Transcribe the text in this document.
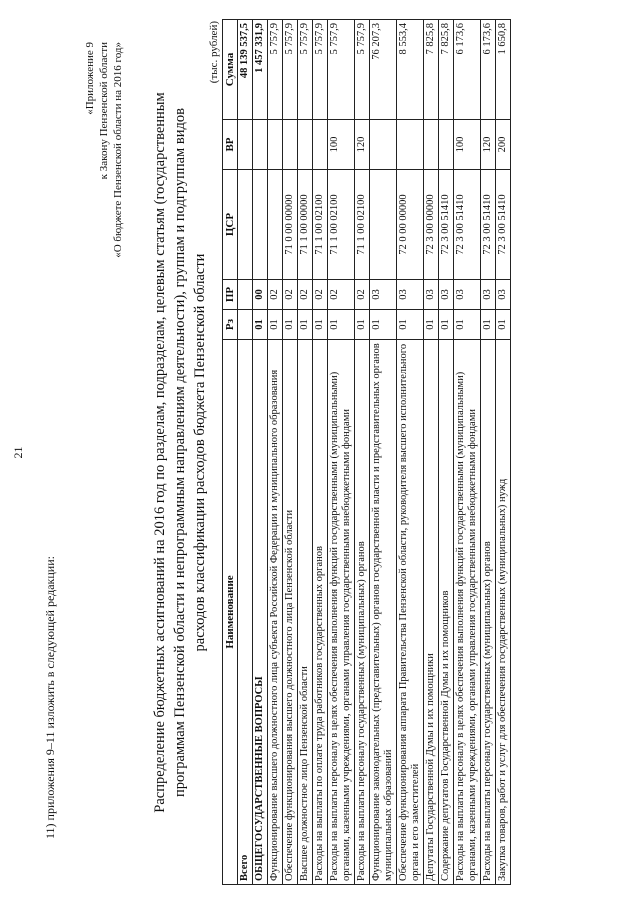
21
11) приложения 9–11 изложить в следующей редакции:
«Приложение 9 к Закону Пензенской области «О бюджете Пензенской области на 2016 год» Распределение бюджетных ассигнований на 2016 год по разделам, подразделам, целевым статьям (государственным программам Пензенской области и непрограммным направлениям деятельности), группам и подгруппам видов расходов классификации расходов бюджета Пензенской области
(тыс. рублей)
Наименование	Рз	ПР	ЦСР	ВР	Сумма
Всего					48 139 537,5
ОБЩЕГОСУДАРСТВЕННЫЕ ВОПРОСЫ	01	00			1 457 331,9
Функционирование высшего должностного лица субъекта Российской Федерации и муниципального образования	01	02			5 757,9
Обеспечение функционирования высшего должностного лица Пензенской области	01	02	71 0 00 00000		5 757,9
Высшее должностное лицо Пензенской области	01	02	71 1 00 00000		5 757,9
Расходы на выплаты по оплате труда работников государственных органов	01	02	71 1 00 02100		5 757,9
Расходы на выплаты персоналу в целях обеспечения выполнения функций государственными (муниципальными) органами, казенными учреждениями, органами управления государственными внебюджетными фондами	01	02	71 1 00 02100	100	5 757,9
Расходы на выплаты персоналу государственных (муниципальных) органов	01	02	71 1 00 02100	120	5 757,9
Функционирование законодательных (представительных) органов государственной власти и представительных органов муниципальных образований	01	03			76 207,3
Обеспечение функционирования аппарата Правительства Пензенской области, руководителя высшего исполнительного органа и его заместителей	01	03	72 0 00 00000		8 553,4
Депутаты Государственной Думы и их помощники	01	03	72 3 00 00000		7 825,8
Содержание депутатов Государственной Думы и их помощников	01	03	72 3 00 51410		7 825,8
Расходы на выплаты персоналу в целях обеспечения выполнения функций государственными (муниципальными) органами, казенными учреждениями, органами управления государственными внебюджетными фондами	01	03	72 3 00 51410	100	6 173,6
Расходы на выплаты персоналу государственных (муниципальных) органов	01	03	72 3 00 51410	120	6 173,6
Закупка товаров, работ и услуг для обеспечения государственных (муниципальных) нужд	01	03	72 3 00 51410	200	1 650,8
